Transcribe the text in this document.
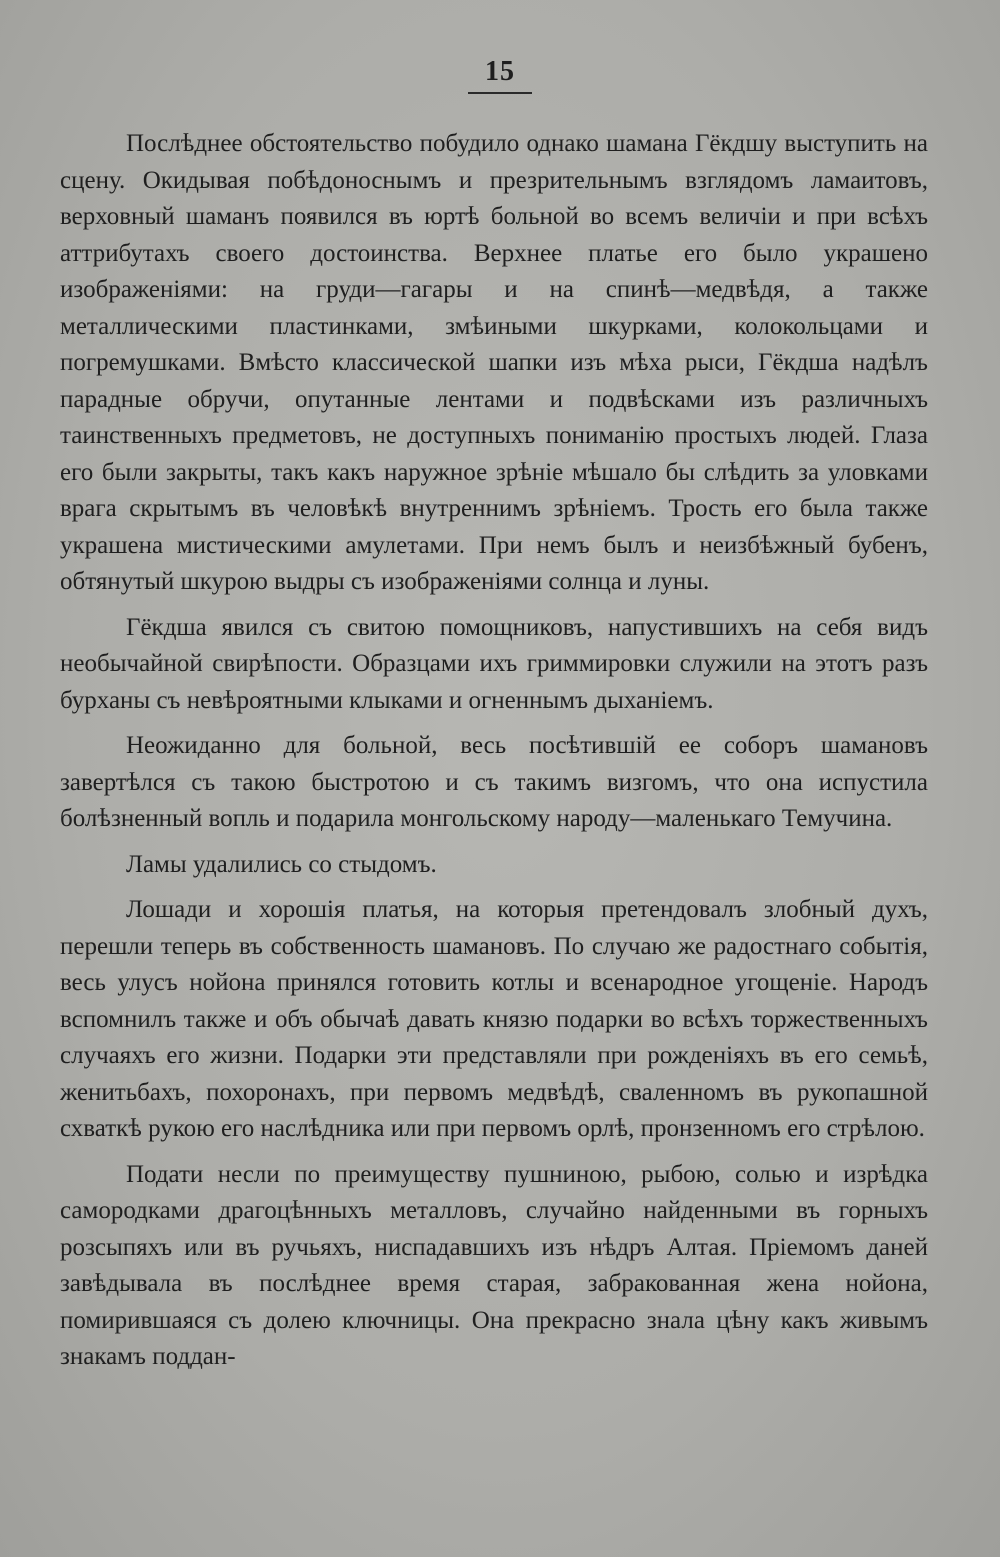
15

Послѣднее обстоятельство побудило однако шамана Гёкдшу выступить на сцену. Окидывая побѣдоноснымъ и презрительнымъ взглядомъ ламаитовъ, верховный шаманъ появился въ юртѣ больной во всемъ величіи и при всѣхъ аттрибутахъ своего достоинства. Верхнее платье его было украшено изображеніями: на груди—гагары и на спинѣ—медвѣдя, а также металлическими пластинками, змѣиными шкурками, колокольцами и погремушками. Вмѣсто классической шапки изъ мѣха рыси, Гёкдша надѣлъ парадные обручи, опутанные лентами и подвѣсками изъ различныхъ таинственныхъ предметовъ, не доступныхъ пониманію простыхъ людей. Глаза его были закрыты, такъ какъ наружное зрѣніе мѣшало бы слѣдить за уловками врага скрытымъ въ человѣкѣ внутреннимъ зрѣніемъ. Трость его была также украшена мистическими амулетами. При немъ былъ и неизбѣжный бубенъ, обтянутый шкурою выдры съ изображеніями солнца и луны.

Гёкдша явился съ свитою помощниковъ, напустившихъ на себя видъ необычайной свирѣпости. Образцами ихъ гриммировки служили на этотъ разъ бурханы съ невѣроятными клыками и огненнымъ дыханіемъ.

Неожиданно для больной, весь посѣтившій ее соборъ шамановъ завертѣлся съ такою быстротою и съ такимъ визгомъ, что она испустила болѣзненный вопль и подарила монгольскому народу—маленькаго Темучина.

Ламы удалились со стыдомъ.

Лошади и хорошія платья, на которыя претендовалъ злобный духъ, перешли теперь въ собственность шамановъ. По случаю же радостнаго событія, весь улусъ нойона принялся готовить котлы и всенародное угощеніе. Народъ вспомнилъ также и объ обычаѣ давать князю подарки во всѣхъ торжественныхъ случаяхъ его жизни. Подарки эти представляли при рожденіяхъ въ его семьѣ, женитьбахъ, похоронахъ, при первомъ медвѣдѣ, сваленномъ въ рукопашной схваткѣ рукою его наслѣдника или при первомъ орлѣ, пронзенномъ его стрѣлою.

Подати несли по преимуществу пушниною, рыбою, солью и изрѣдка самородками драгоцѣнныхъ металловъ, случайно найденными въ горныхъ розсыпяхъ или въ ручьяхъ, ниспадавшихъ изъ нѣдръ Алтая. Пріемомъ даней завѣдывала въ послѣднее время старая, забракованная жена нойона, помирившаяся съ долею ключницы. Она прекрасно знала цѣну какъ живымъ знакамъ поддан-
